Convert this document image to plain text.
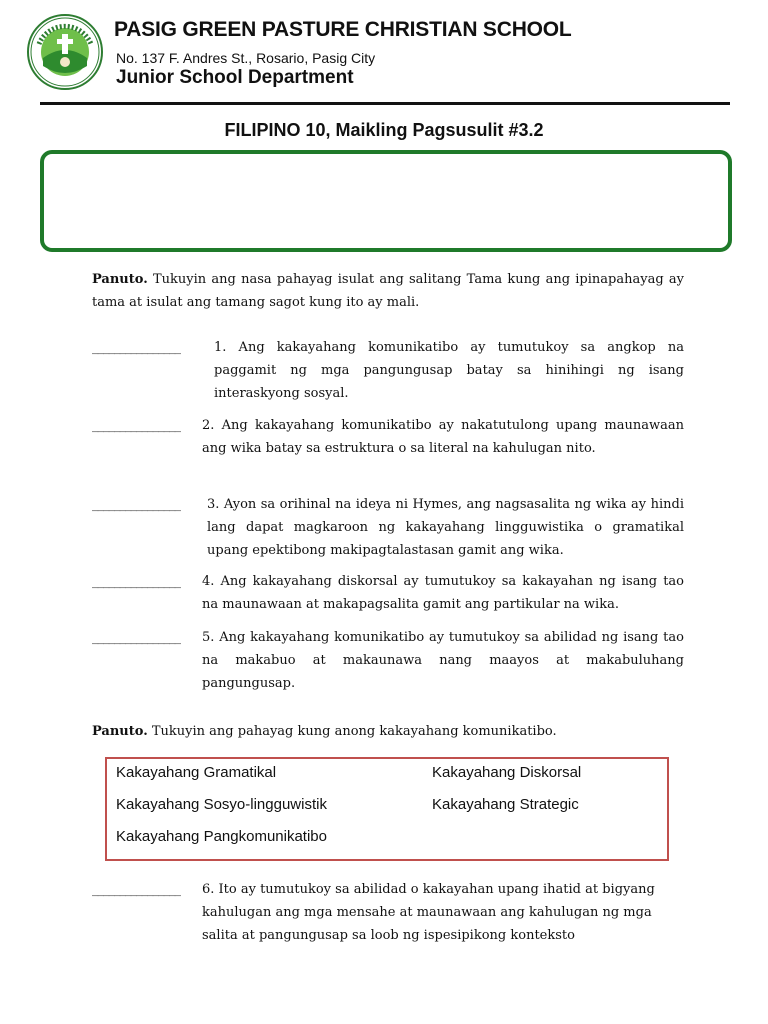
PASIG GREEN PASTURE CHRISTIAN SCHOOL
No. 137 F. Andres St., Rosario, Pasig City
Junior School Department
FILIPINO 10, Maikling Pagsusulit #3.2
Panuto. Tukuyin ang nasa pahayag isulat ang salitang Tama kung ang ipinapahayag ay tama at isulat ang tamang sagot kung ito ay mali.
________________	1. Ang kakayahang komunikatibo ay tumutukoy sa angkop na paggamit ng mga pangungusap batay sa hinihingi ng isang interaskyong sosyal.
________________ 2. Ang kakayahang komunikatibo ay nakatutulong upang maunawaan ang wika batay sa estruktura o sa literal na kahulugan nito.
________________ 3. Ayon sa orihinal na ideya ni Hymes, ang nagsasalita ng wika ay hindi lang dapat magkaroon ng kakayahang lingguwistika o gramatikal upang epektibong makipagtalastasan gamit ang wika.
________________ 4. Ang kakayahang diskorsal ay tumutukoy sa kakayahan ng isang tao na maunawaan at makapagsalita gamit ang partikular na wika.
________________ 5. Ang kakayahang komunikatibo ay tumutukoy sa abilidad ng isang tao na makabuo at makaunawa nang maayos at makabuluhang pangungusap.
Panuto. Tukuyin ang pahayag kung anong kakayahang komunikatibo.
Kakayahang Gramatikal	Kakayahang Diskorsal
Kakayahang Sosyo-lingguwistik	Kakayahang Strategic
Kakayahang Pangkomunikatibo
________________ 6. Ito ay tumutukoy sa abilidad o kakayahan upang ihatid at bigyang kahulugan ang mga mensahe at maunawaan ang kahulugan ng mga salita at pangungusap sa loob ng ispesipikong konteksto
